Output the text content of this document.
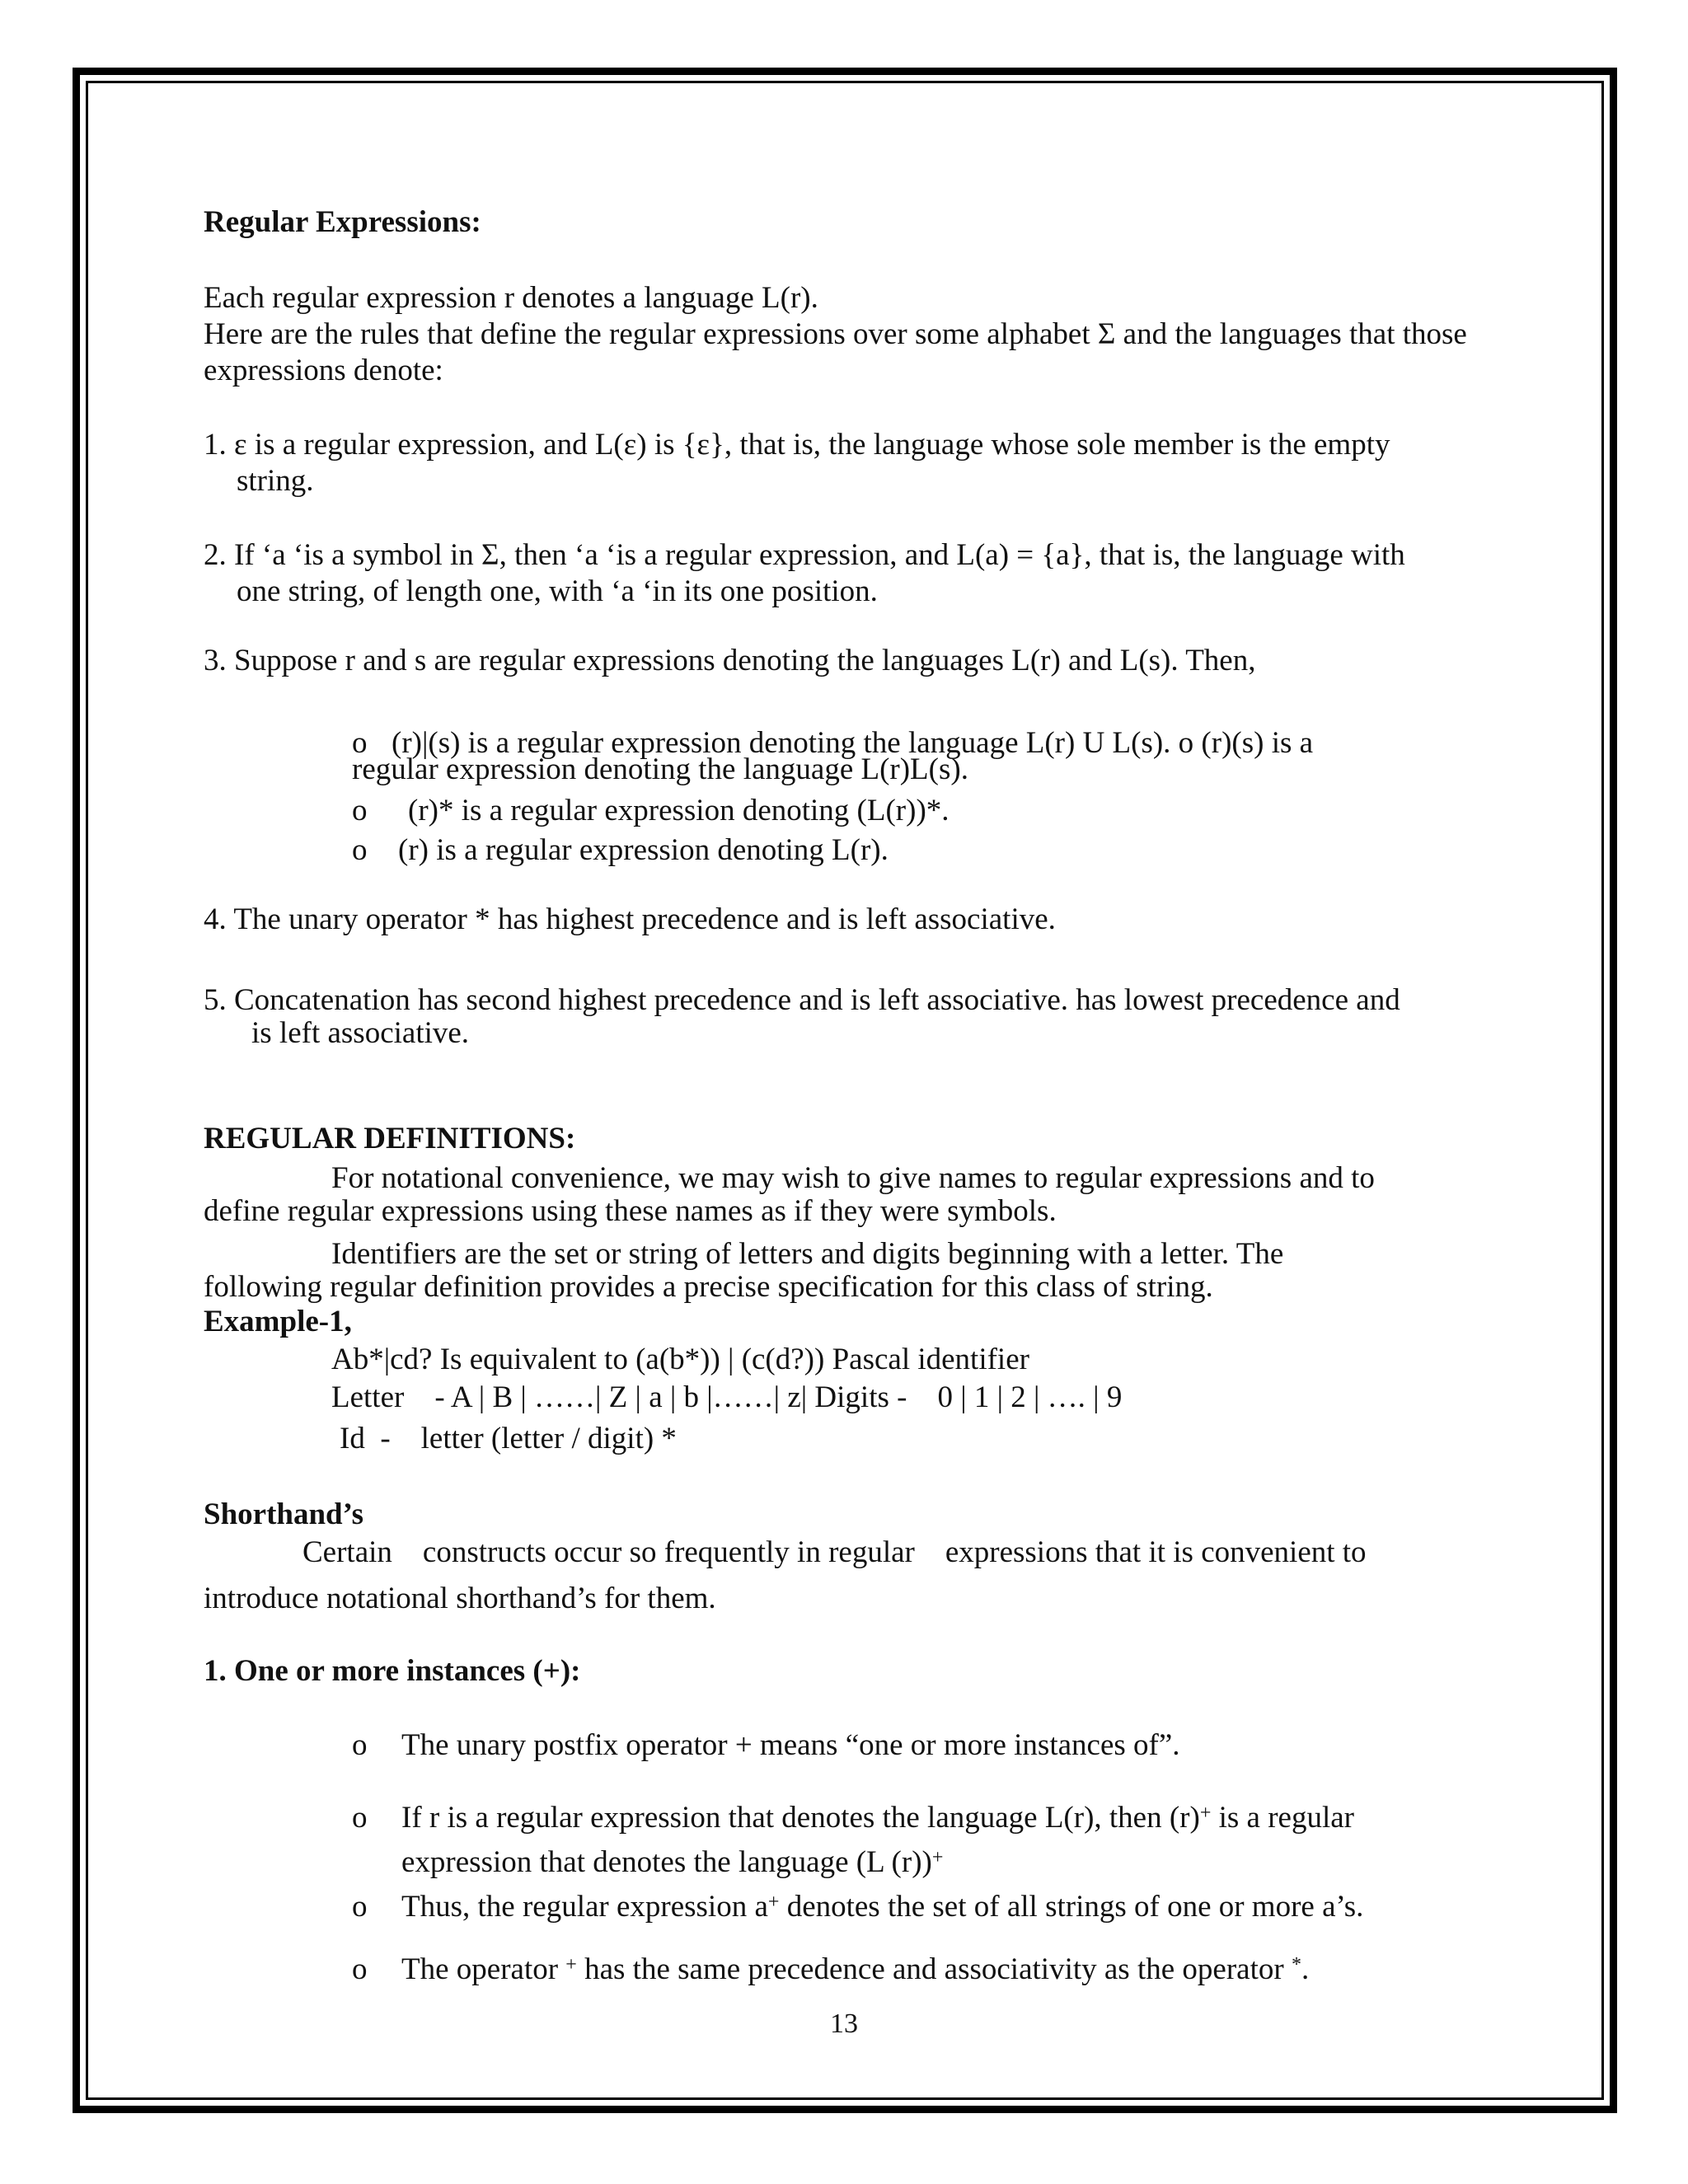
Regular Expressions:

Each regular expression r denotes a language L(r).

Here are the rules that define the regular expressions over some alphabet Σ and the languages that those

expressions denote:

1. ε is a regular expression, and L(ε) is {ε}, that is, the language whose sole member is the empty

string.

2. If ‘a ‘is a symbol in Σ, then ‘a ‘is a regular expression, and L(a) = {a}, that is, the language with

one string, of length one, with ‘a ‘in its one position.

3. Suppose r and s are regular expressions denoting the languages L(r) and L(s). Then,

o (r)|(s) is a regular expression denoting the language L(r) U L(s). o (r)(s) is a

regular expression denoting the language L(r)L(s).

o (r)* is a regular expression denoting (L(r))*.
o (r) is a regular expression denoting L(r).

4. The unary operator * has highest precedence and is left associative.

5. Concatenation has second highest precedence and is left associative. has lowest precedence and

is left associative.

REGULAR DEFINITIONS:

For notational convenience, we may wish to give names to regular expressions and to

define regular expressions using these names as if they were symbols.

Identifiers are the set or string of letters and digits beginning with a letter. The

following regular definition provides a precise specification for this class of string.

Example-1,

Ab*|cd? Is equivalent to (a(b*)) | (c(d?)) Pascal identifier

Letter    - A | B | ……| Z | a | b |……| z| Digits -    0 | 1 | 2 | …. | 9

Id  -    letter (letter / digit) *

Shorthand’s

Certain    constructs occur so frequently in regular    expressions that it is convenient to

introduce notational shorthand’s for them.

1. One or more instances (+):

o The unary postfix operator + means “one or more instances of”.
o If r is a regular expression that denotes the language L(r), then (r)+ is a regular
expression that denotes the language (L (r))+
o Thus, the regular expression a+ denotes the set of all strings of one or more a’s.
o The operator + has the same precedence and associativity as the operator *.
13
